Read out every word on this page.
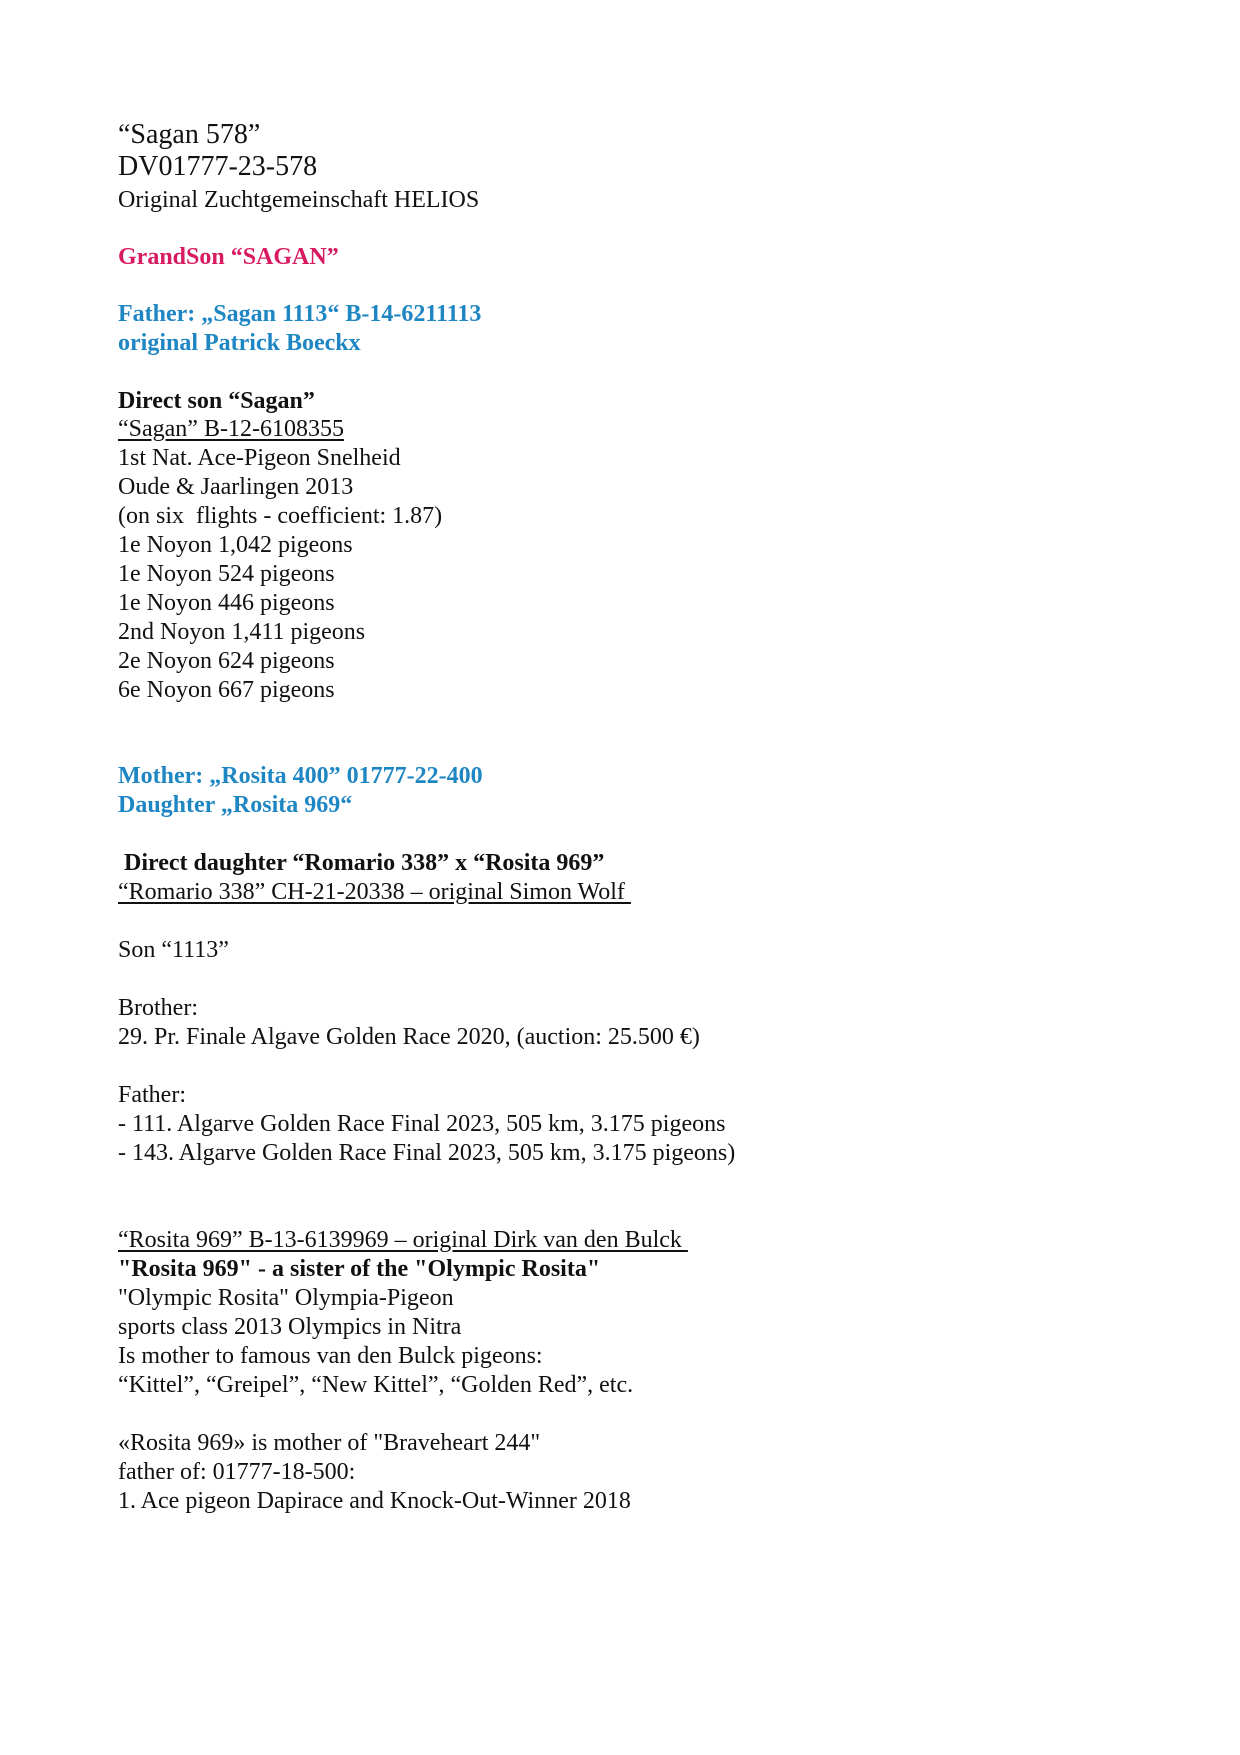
“Sagan 578”

DV01777-23-578

Original Zuchtgemeinschaft HELIOS

GrandSon “SAGAN”

Father: „Sagan 1113“ B-14-6211113

original Patrick Boeckx

Direct son “Sagan”

“Sagan” B-12-6108355

1st Nat. Ace-Pigeon Snelheid

Oude & Jaarlingen 2013

(on six  flights - coefficient: 1.87)

1e Noyon 1,042 pigeons

1e Noyon 524 pigeons

1e Noyon 446 pigeons

2nd Noyon 1,411 pigeons

2e Noyon 624 pigeons

6e Noyon 667 pigeons

Mother: „Rosita 400” 01777-22-400

Daughter „Rosita 969“

Direct daughter “Romario 338” x “Rosita 969”

“Romario 338” CH-21-20338 – original Simon Wolf

Son “1113”

Brother:

29. Pr. Finale Algave Golden Race 2020, (auction: 25.500 €)

Father:

- 111. Algarve Golden Race Final 2023, 505 km, 3.175 pigeons

- 143. Algarve Golden Race Final 2023, 505 km, 3.175 pigeons)

“Rosita 969” B-13-6139969 – original Dirk van den Bulck

"Rosita 969" - a sister of the "Olympic Rosita"

"Olympic Rosita" Olympia-Pigeon

sports class 2013 Olympics in Nitra

Is mother to famous van den Bulck pigeons:

“Kittel”, “Greipel”, “New Kittel”, “Golden Red”, etc.

«Rosita 969» is mother of "Braveheart 244"

father of: 01777-18-500:

1. Ace pigeon Dapirace and Knock-Out-Winner 2018
